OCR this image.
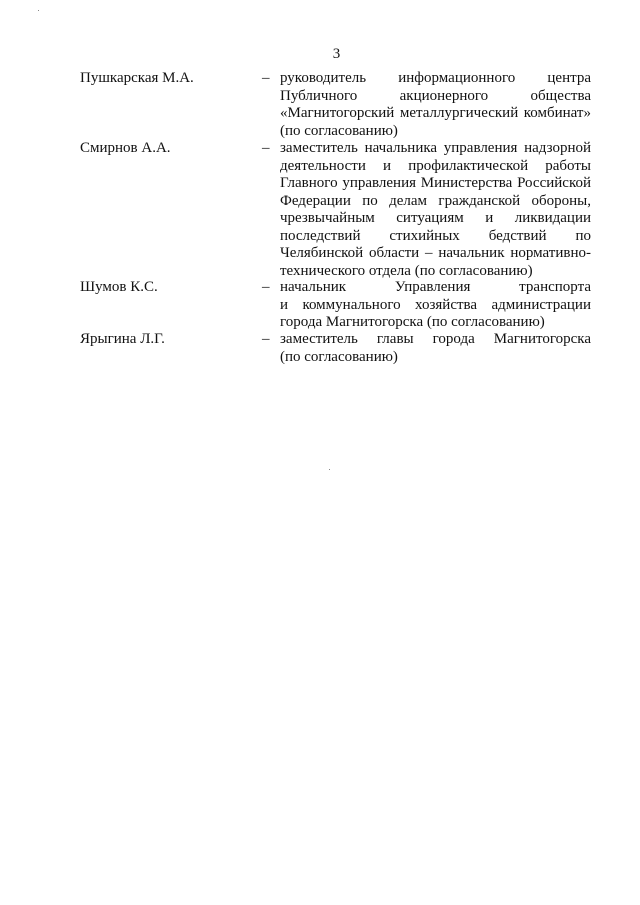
3
Пушкарская М.А.	– руководитель информационного центра
Публичного акционерного общества
«Магнитогорский металлургический комбинат»
(по согласованию)
Смирнов А.А.	– заместитель начальника управления надзорной
деятельности и профилактической работы
Главного управления Министерства Российской
Федерации по делам гражданской обороны,
чрезвычайным ситуациям и ликвидации
последствий стихийных бедствий по
Челябинской области – начальник нормативно-
технического отдела (по согласованию)
Шумов К.С.	– начальник Управления транспорта
и коммунального хозяйства администрации
города Магнитогорска (по согласованию)
Ярыгина Л.Г.	– заместитель главы города Магнитогорска
(по согласованию)
